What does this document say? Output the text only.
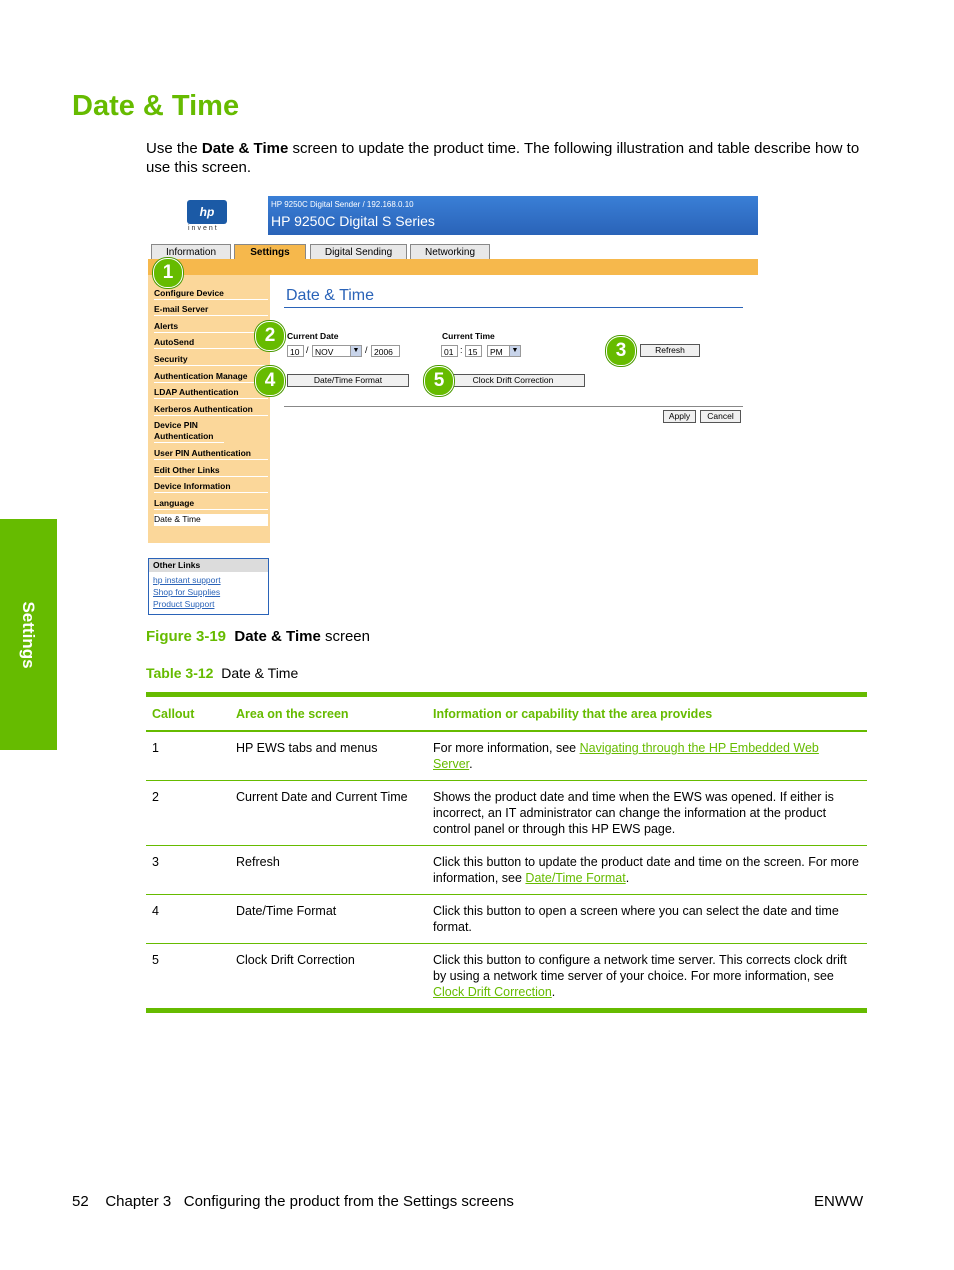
Date & Time
Use the Date & Time screen to update the product time. The following illustration and table describe how to use this screen.
Settings
hp
invent
HP 9250C Digital Sender / 192.168.0.10
HP 9250C Digital S Series
Information	Settings	Digital Sending	Networking
Configure Device
E-mail Server
Alerts
AutoSend
Security
Authentication Manage
LDAP Authentication
Kerberos Authentication
Device PIN Authentication
User PIN Authentication
Edit Other Links
Device Information
Language
Date & Time
Other Links
hp instant support
Shop for Supplies
Product Support
Date & Time
Current Date
10 / NOV	▼ / 2006
Current Time
01 : 15	PM	▼	Refresh
Date/Time Format	Clock Drift Correction
Apply	Cancel
1
2
3
4	5
Figure 3-19 Date & Time screen
Table 3-12 Date & Time
Callout	Area on the screen	Information or capability that the area provides
1	HP EWS tabs and menus	For more information, see Navigating through the HP Embedded Web Server.
2	Current Date and Current Time	Shows the product date and time when the EWS was opened. If either is incorrect, an IT administrator can change the information at the product control panel or through this HP EWS page.
3	Refresh	Click this button to update the product date and time on the screen. For more information, see Date/Time Format.
4	Date/Time Format	Click this button to open a screen where you can select the date and time format.
5	Clock Drift Correction	Click this button to configure a network time server. This corrects clock drift by using a network time server of your choice. For more information, see Clock Drift Correction.
52    Chapter 3   Configuring the product from the Settings screens	ENWW
